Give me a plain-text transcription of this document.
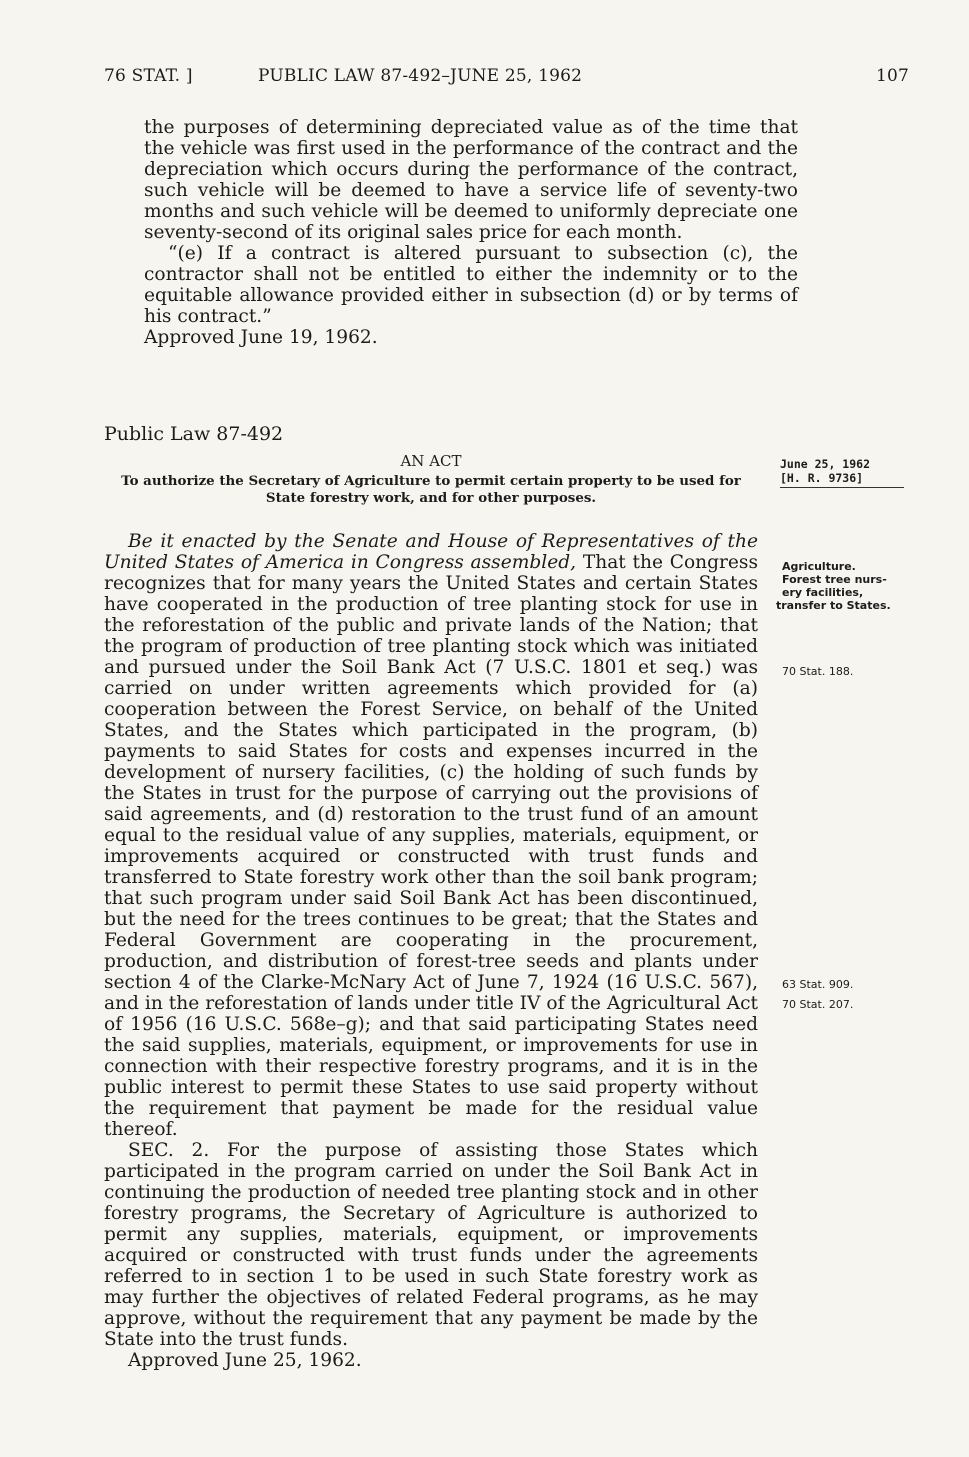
76 STAT. ]	PUBLIC LAW 87-492–JUNE 25, 1962	107

the purposes of determining depreciated value as of the time that the vehicle was first used in the performance of the contract and the depreciation which occurs during the performance of the contract, such vehicle will be deemed to have a service life of seventy-two months and such vehicle will be deemed to uniformly depreciate one seventy-second of its original sales price for each month.

“(e) If a contract is altered pursuant to subsection (c), the contractor shall not be entitled to either the indemnity or to the equitable allowance provided either in subsection (d) or by terms of his contract.”

Approved June 19, 1962.

Public Law 87-492
AN ACT
To authorize the Secretary of Agriculture to permit certain property to be used for State forestry work, and for other purposes.

Be it enacted by the Senate and House of Representatives of the United States of America in Congress assembled, That the Congress recognizes that for many years the United States and certain States have cooperated in the production of tree planting stock for use in the reforestation of the public and private lands of the Nation; that the program of production of tree planting stock which was initiated and pursued under the Soil Bank Act (7 U.S.C. 1801 et seq.) was carried on under written agreements which provided for (a) cooperation between the Forest Service, on behalf of the United States, and the States which participated in the program, (b) payments to said States for costs and expenses incurred in the development of nursery facilities, (c) the holding of such funds by the States in trust for the purpose of carrying out the provisions of said agreements, and (d) restoration to the trust fund of an amount equal to the residual value of any supplies, materials, equipment, or improvements acquired or constructed with trust funds and transferred to State forestry work other than the soil bank program; that such program under said Soil Bank Act has been discontinued, but the need for the trees continues to be great; that the States and Federal Government are cooperating in the procurement, production, and distribution of forest-tree seeds and plants under section 4 of the Clarke-McNary Act of June 7, 1924 (16 U.S.C. 567), and in the reforestation of lands under title IV of the Agricultural Act of 1956 (16 U.S.C. 568e–g); and that said participating States need the said supplies, materials, equipment, or improvements for use in connection with their respective forestry programs, and it is in the public interest to permit these States to use said property without the requirement that payment be made for the residual value thereof.

SEC. 2. For the purpose of assisting those States which participated in the program carried on under the Soil Bank Act in continuing the production of needed tree planting stock and in other forestry programs, the Secretary of Agriculture is authorized to permit any supplies, materials, equipment, or improvements acquired or constructed with trust funds under the agreements referred to in section 1 to be used in such State forestry work as may further the objectives of related Federal programs, as he may approve, without the requirement that any payment be made by the State into the trust funds.

Approved June 25, 1962.

June 25, 1962
[H. R. 9736]
Agriculture.
Forest tree nurs-
ery facilities,
transfer to States.
70 Stat. 188.
63 Stat. 909.
70 Stat. 207.
